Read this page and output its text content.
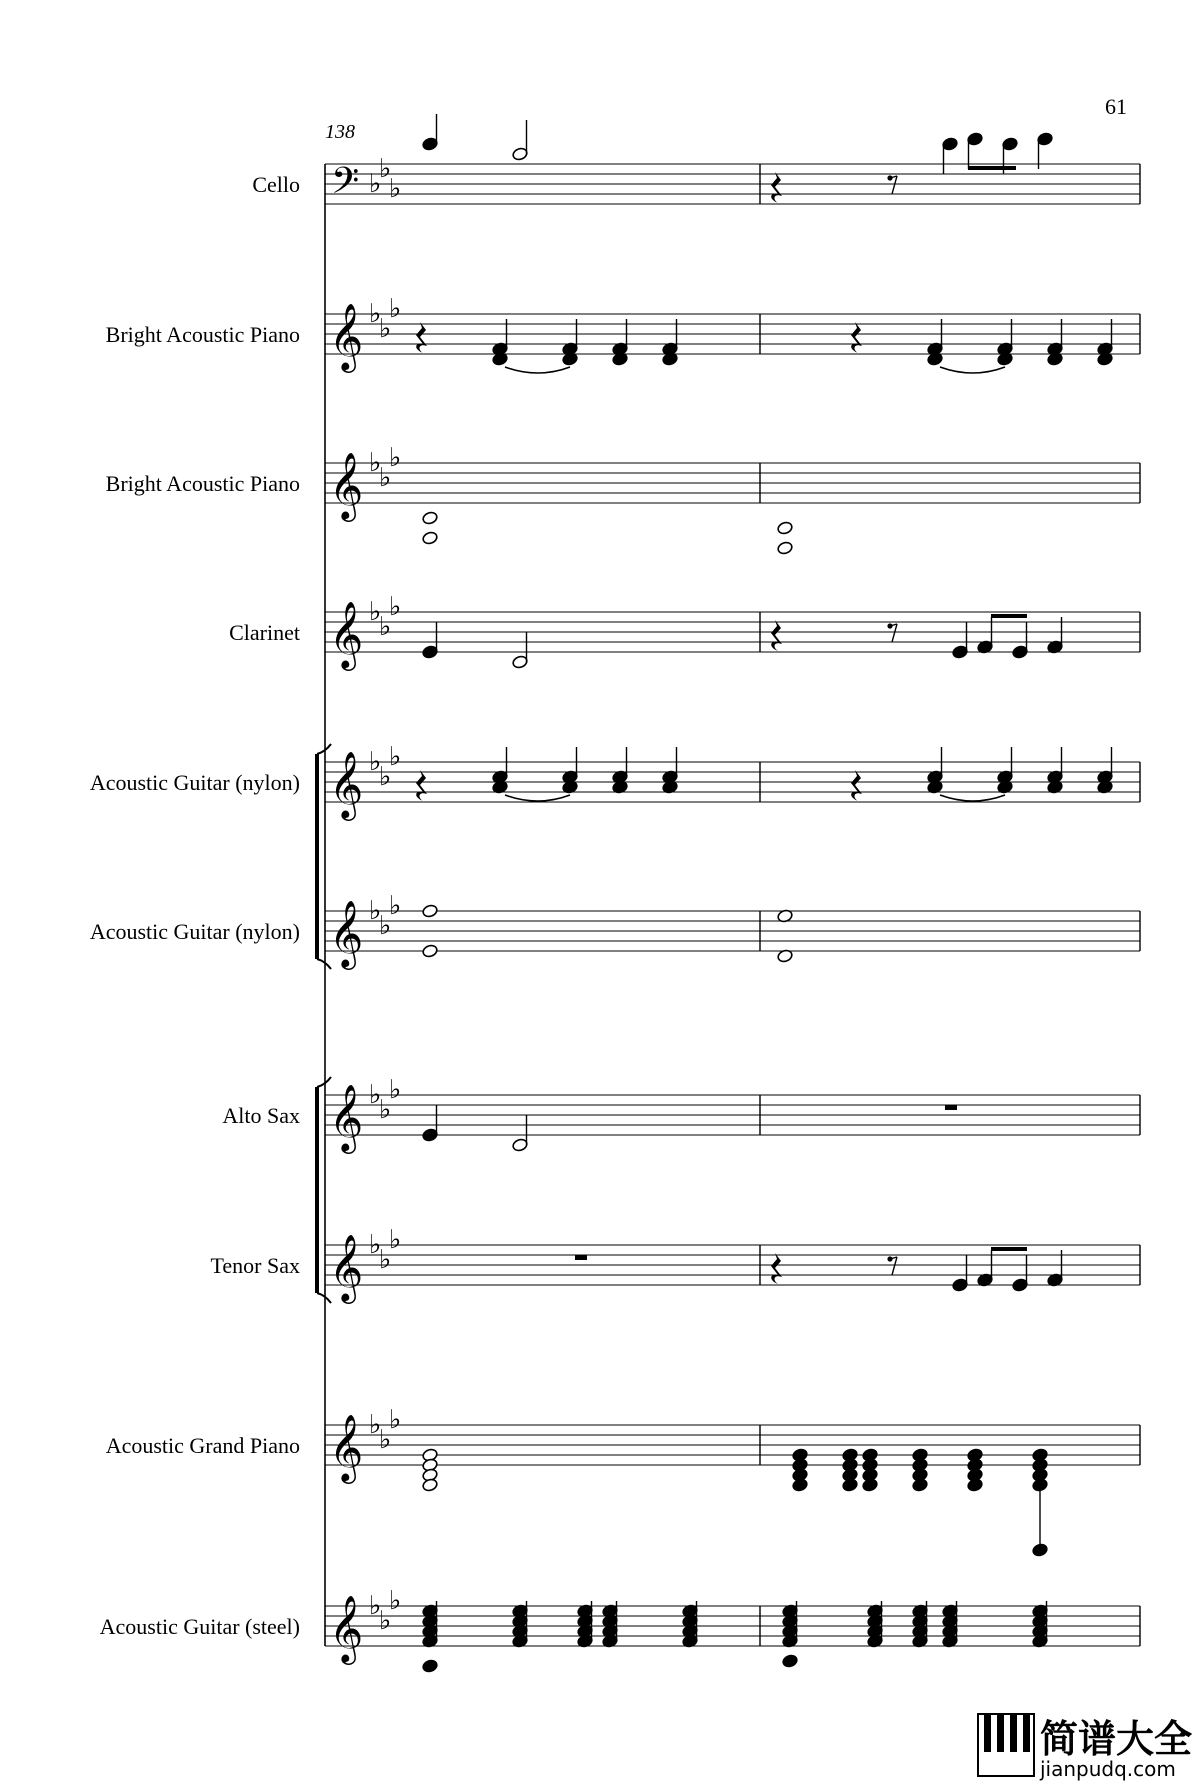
61
138
Cello 𝄢 ♭
♭
♭
Bright Acoustic Piano 𝄞 ♭
♭
♭
Bright Acoustic Piano 𝄞 ♭
♭
♭
Clarinet 𝄞 ♭
♭
♭
Acoustic Guitar (nylon) 𝄞 ♭
♭
♭
Acoustic Guitar (nylon) 𝄞 ♭
♭
♭
Alto Sax 𝄞 ♭
♭
♭
Tenor Sax 𝄞 ♭
♭
♭
Acoustic Grand Piano 𝄞 ♭
♭
♭
Acoustic Guitar (steel) 𝄞 ♭
♭
♭
简谱大全
jianpudq.com
